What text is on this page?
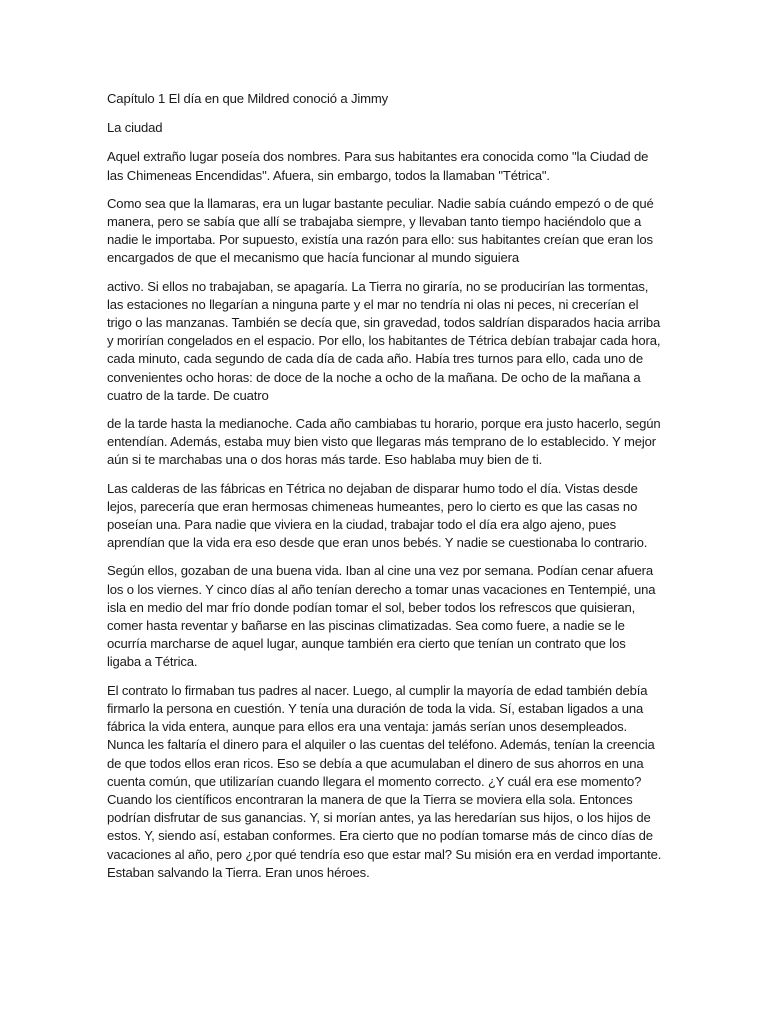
Capítulo 1 El día en que Mildred conoció a Jimmy

La ciudad

Aquel extraño lugar poseía dos nombres. Para sus habitantes era conocida como "la Ciudad de las Chimeneas Encendidas". Afuera, sin embargo, todos la llamaban "Tétrica".

Como sea que la llamaras, era un lugar bastante peculiar. Nadie sabía cuándo empezó o de qué manera, pero se sabía que allí se trabajaba siempre, y llevaban tanto tiempo haciéndolo que a nadie le importaba. Por supuesto, existía una razón para ello: sus habitantes creían que eran los encargados de que el mecanismo que hacía funcionar al mundo siguiera

activo. Si ellos no trabajaban, se apagaría. La Tierra no giraría, no se producirían las tormentas, las estaciones no llegarían a ninguna parte y el mar no tendría ni olas ni peces, ni crecerían el trigo o las manzanas. También se decía que, sin gravedad, todos saldrían disparados hacia arriba y morirían congelados en el espacio. Por ello, los habitantes de Tétrica debían trabajar cada hora, cada minuto, cada segundo de cada día de cada año. Había tres turnos para ello, cada uno de convenientes ocho horas: de doce de la noche a ocho de la mañana. De ocho de la mañana a cuatro de la tarde. De cuatro

de la tarde hasta la medianoche. Cada año cambiabas tu horario, porque era justo hacerlo, según entendían. Además, estaba muy bien visto que llegaras más temprano de lo establecido. Y mejor aún si te marchabas una o dos horas más tarde. Eso hablaba muy bien de ti.

Las calderas de las fábricas en Tétrica no dejaban de disparar humo todo el día. Vistas desde lejos, parecería que eran hermosas chimeneas humeantes, pero lo cierto es que las casas no poseían una. Para nadie que viviera en la ciudad, trabajar todo el día era algo ajeno, pues aprendían que la vida era eso desde que eran unos bebés. Y nadie se cuestionaba lo contrario.

Según ellos, gozaban de una buena vida. Iban al cine una vez por semana. Podían cenar afuera los o los viernes. Y cinco días al año tenían derecho a tomar unas vacaciones en Tentempié, una isla en medio del mar frío donde podían tomar el sol, beber todos los refrescos que quisieran, comer hasta reventar y bañarse en las piscinas climatizadas. Sea como fuere, a nadie se le ocurría marcharse de aquel lugar, aunque también era cierto que tenían un contrato que los ligaba a Tétrica.

El contrato lo firmaban tus padres al nacer. Luego, al cumplir la mayoría de edad también debía firmarlo la persona en cuestión. Y tenía una duración de toda la vida. Sí, estaban ligados a una fábrica la vida entera, aunque para ellos era una ventaja: jamás serían unos desempleados. Nunca les faltaría el dinero para el alquiler o las cuentas del teléfono. Además, tenían la creencia de que todos ellos eran ricos. Eso se debía a que acumulaban el dinero de sus ahorros en una cuenta común, que utilizarían cuando llegara el momento correcto. ¿Y cuál era ese momento? Cuando los científicos encontraran la manera de que la Tierra se moviera ella sola. Entonces podrían disfrutar de sus ganancias. Y, si morían antes, ya las heredarían sus hijos, o los hijos de estos. Y, siendo así, estaban conformes. Era cierto que no podían tomarse más de cinco días de vacaciones al año, pero ¿por qué tendría eso que estar mal? Su misión era en verdad importante. Estaban salvando la Tierra. Eran unos héroes.
